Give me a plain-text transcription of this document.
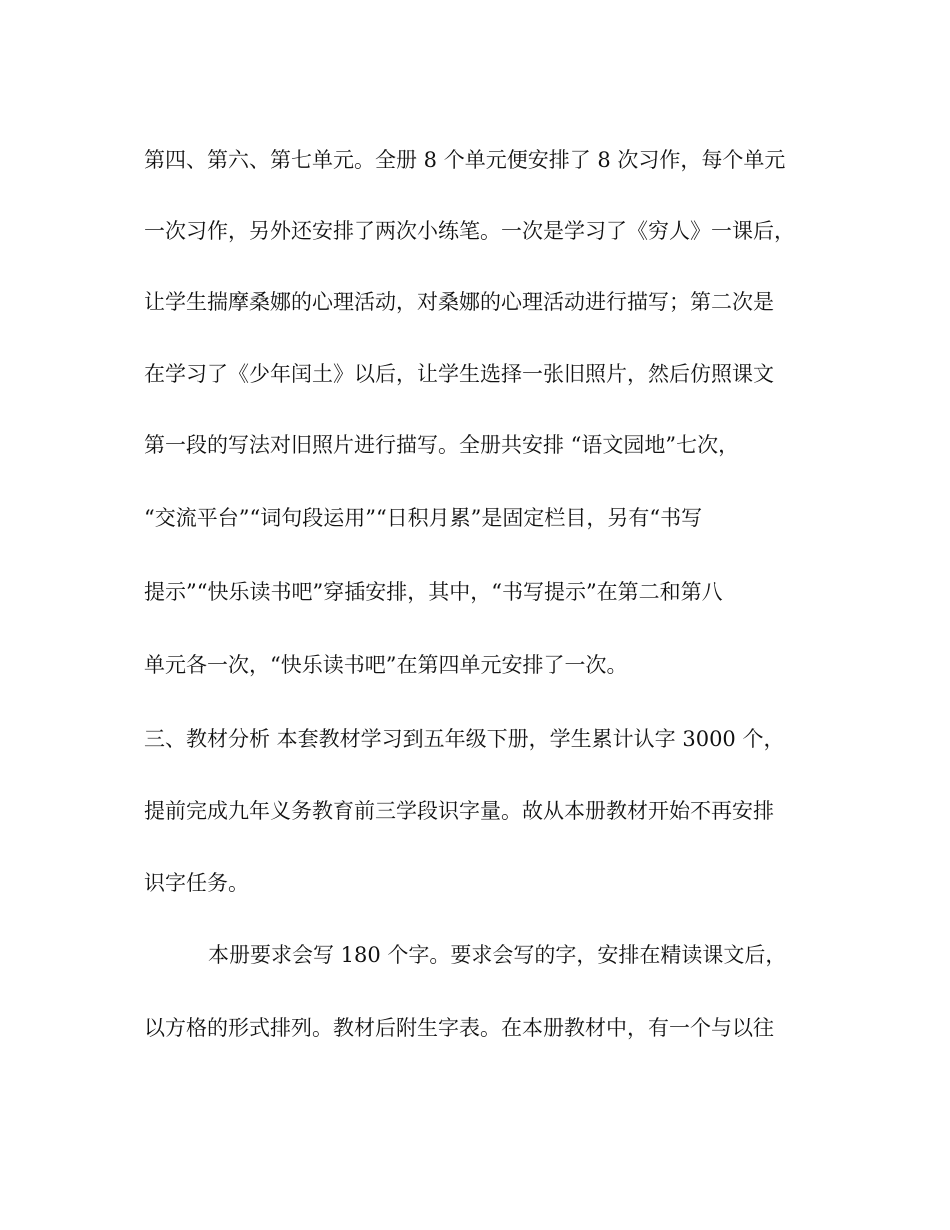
第四、第六、第七单元。全册 8 个单元便安排了 8 次习作，每个单元
一次习作，另外还安排了两次小练笔。一次是学习了《穷人》一课后，
让学生揣摩桑娜的心理活动，对桑娜的心理活动进行描写；第二次是
在学习了《少年闰土》以后，让学生选择一张旧照片，然后仿照课文
第一段的写法对旧照片进行描写。全册共安排 “语文园地”七次，
“交流平台”“词句段运用”“日积月累”是固定栏目，另有“书写
提示”“快乐读书吧”穿插安排，其中，“书写提示”在第二和第八
单元各一次，“快乐读书吧”在第四单元安排了一次。
三、教材分析 本套教材学习到五年级下册，学生累计认字 3000 个，
提前完成九年义务教育前三学段识字量。故从本册教材开始不再安排
识字任务。
本册要求会写 180 个字。要求会写的字，安排在精读课文后，
以方格的形式排列。教材后附生字表。在本册教材中，有一个与以往
